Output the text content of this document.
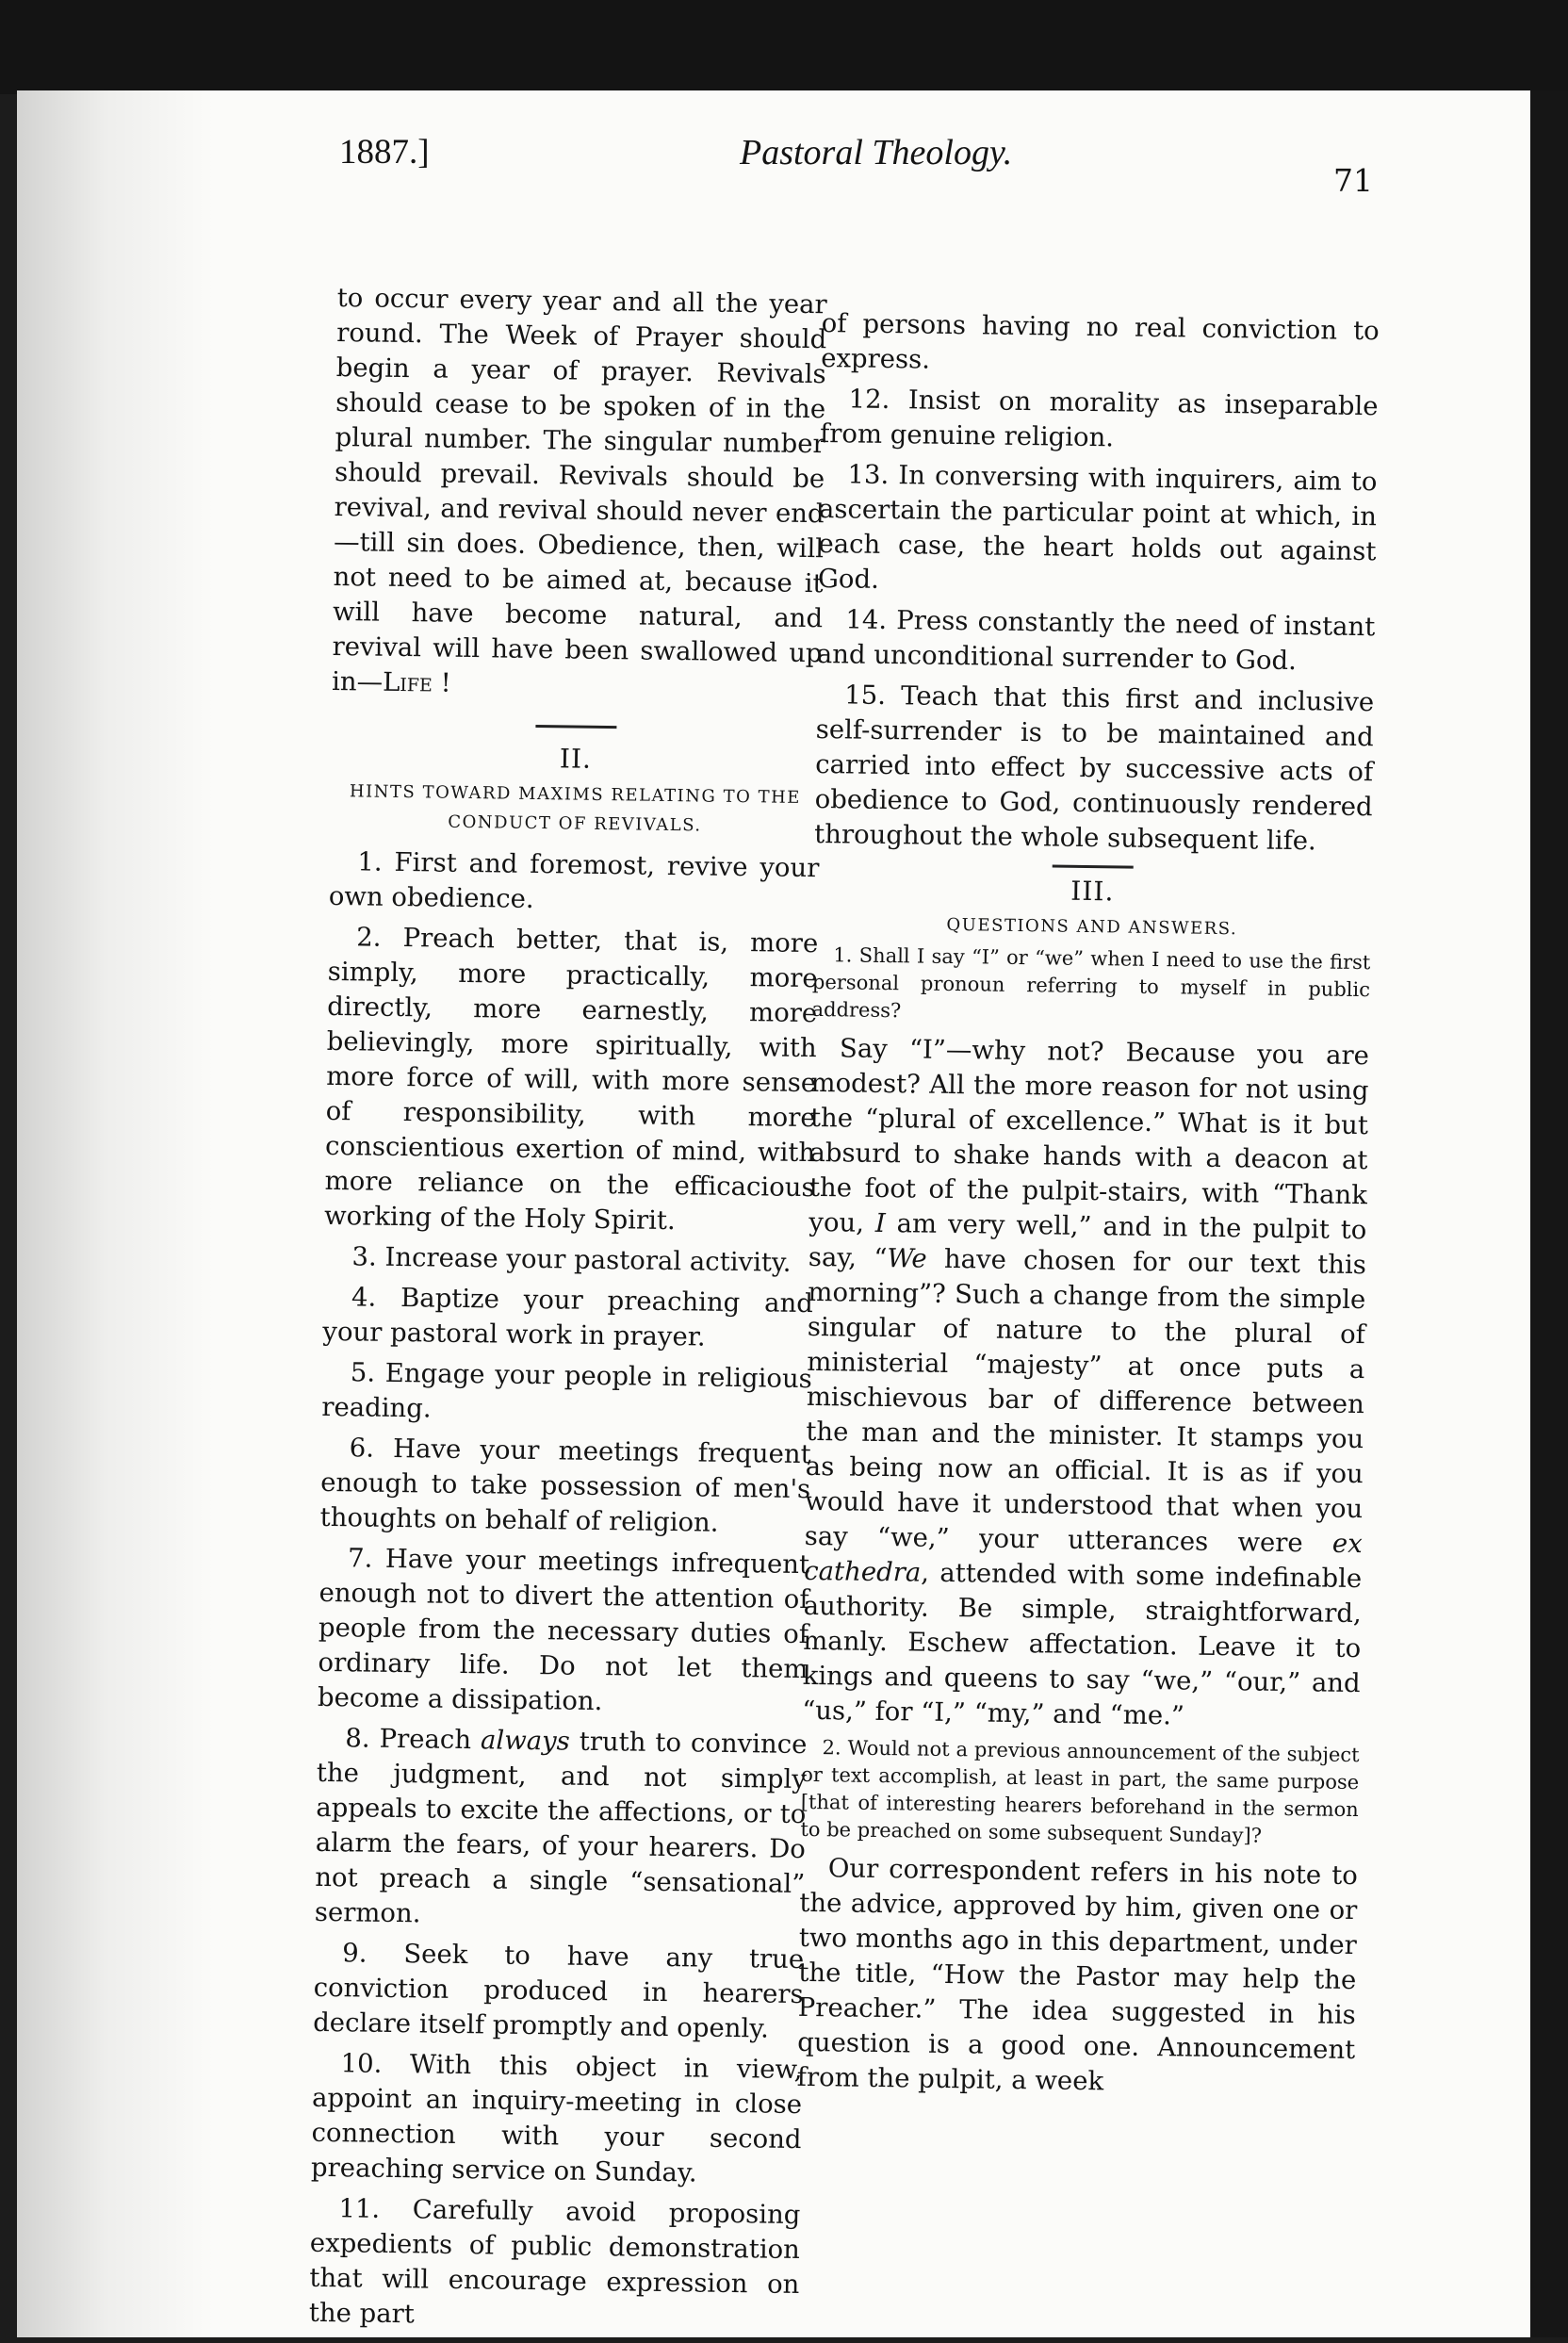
1887.]	Pastoral Theology.
71

to occur every year and all the year round. The Week of Prayer should begin a year of prayer. Revivals should cease to be spoken of in the plural number. The singular number should prevail. Revivals should be revival, and revival should never end—till sin does. Obedience, then, will not need to be aimed at, because it will have become natural, and revival will have been swallowed up in—Life !

II.
HINTS TOWARD MAXIMS RELATING TO THE CONDUCT OF REVIVALS.

1. First and foremost, revive your own obedience.

2. Preach better, that is, more simply, more practically, more directly, more earnestly, more believingly, more spiritually, with more force of will, with more sense of responsibility, with more conscientious exertion of mind, with more reliance on the efficacious working of the Holy Spirit.

3. Increase your pastoral activity.

4. Baptize your preaching and your pastoral work in prayer.

5. Engage your people in religious reading.

6. Have your meetings frequent enough to take possession of men's thoughts on behalf of religion.

7. Have your meetings infrequent enough not to divert the attention of people from the necessary duties of ordinary life. Do not let them become a dissipation.

8. Preach always truth to convince the judgment, and not simply appeals to excite the affections, or to alarm the fears, of your hearers. Do not preach a single “sensational” sermon.

9. Seek to have any true conviction produced in hearers declare itself promptly and openly.

10. With this object in view, appoint an inquiry-meeting in close connection with your second preaching service on Sunday.

11. Carefully avoid proposing expedients of public demonstration that will encourage expression on the part

of persons having no real conviction to express.

12. Insist on morality as inseparable from genuine religion.

13. In conversing with inquirers, aim to ascertain the particular point at which, in each case, the heart holds out against God.

14. Press constantly the need of instant and unconditional surrender to God.

15. Teach that this first and inclusive self-surrender is to be maintained and carried into effect by successive acts of obedience to God, continuously rendered throughout the whole subsequent life.

III.
QUESTIONS AND ANSWERS.

1. Shall I say “I” or “we” when I need to use the first personal pronoun referring to myself in public address?

Say “I”—why not? Because you are modest? All the more reason for not using the “plural of excellence.” What is it but absurd to shake hands with a deacon at the foot of the pulpit-stairs, with “Thank you, I am very well,” and in the pulpit to say, “We have chosen for our text this morning”? Such a change from the simple singular of nature to the plural of ministerial “majesty” at once puts a mischievous bar of difference between the man and the minister. It stamps you as being now an official. It is as if you would have it understood that when you say “we,” your utterances were ex cathedra, attended with some indefinable authority. Be simple, straightforward, manly. Eschew affectation. Leave it to kings and queens to say “we,” “our,” and “us,” for “I,” “my,” and “me.”

2. Would not a previous announcement of the subject or text accomplish, at least in part, the same purpose [that of interesting hearers beforehand in the sermon to be preached on some subsequent Sunday]?

Our correspondent refers in his note to the advice, approved by him, given one or two months ago in this department, under the title, “How the Pastor may help the Preacher.” The idea suggested in his question is a good one. Announcement from the pulpit, a week
